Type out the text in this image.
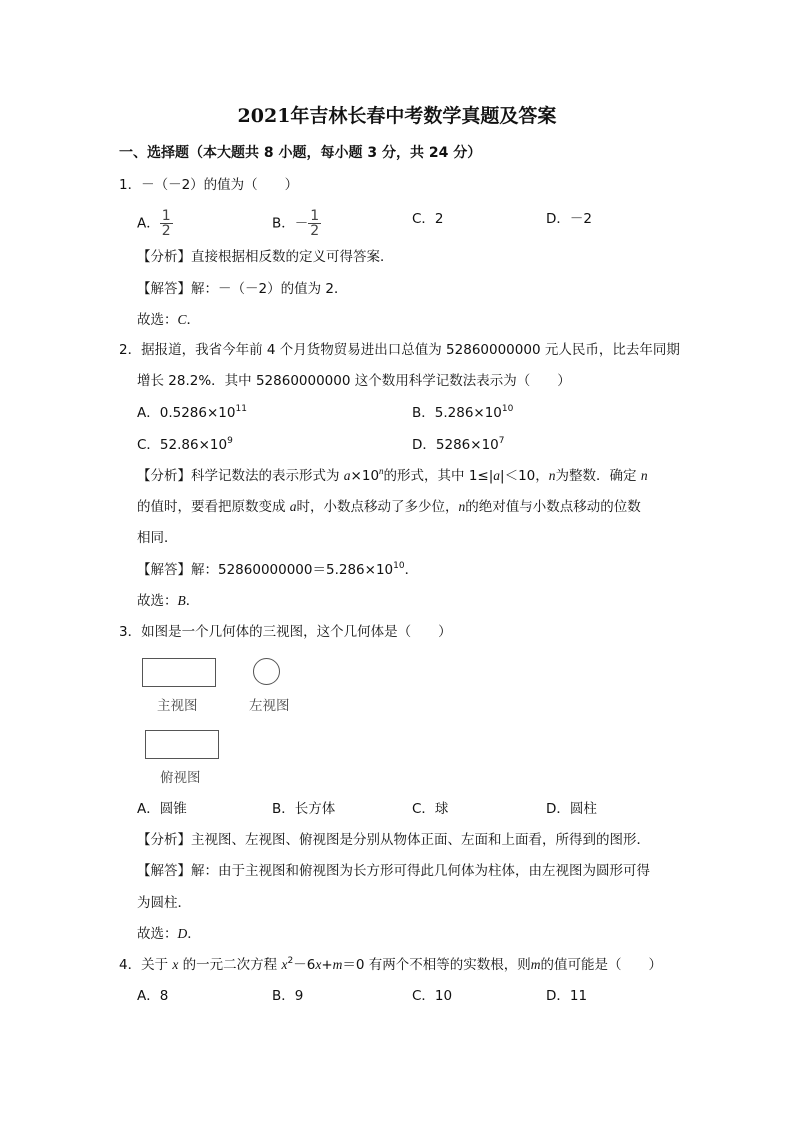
2021年吉林长春中考数学真题及答案
一、选择题（本大题共 8 小题，每小题 3 分，共 24 分）
1．－（－2）的值为（　　）
A． $\frac{1}{2}$	B．－ $\frac{1}{2}$	C．2	D．－2
【分析】直接根据相反数的定义可得答案．
【解答】解：－（－2）的值为 2．
故选：C．
2．据报道，我省今年前 4 个月货物贸易进出口总值为 52860000000 元人民币，比去年同期
增长 28.2%．其中 52860000000 这个数用科学记数法表示为（　　）
A．$0.5286\times 10^{11}$	B．$5.286\times 10^{10}$
C．$52.86\times 10^9$	D．$5286\times 10^7$
【分析】科学记数法的表示形式为 $a\times 10^n$的形式，其中 1≤|a|＜10，n为整数．确定 n
的值时，要看把原数变成 a时，小数点移动了多少位，n的绝对值与小数点移动的位数
相同．
【解答】解：$52860000000=5.286\times 10^{10}$．
故选：B．
3．如图是一个几何体的三视图，这个几何体是（　　）
主视图	左视图
俯视图
A．圆锥	B．长方体	C．球	D．圆柱
【分析】主视图、左视图、俯视图是分别从物体正面、左面和上面看，所得到的图形．
【解答】解：由于主视图和俯视图为长方形可得此几何体为柱体，由左视图为圆形可得
为圆柱．
故选：D．
4．关于 x 的一元二次方程 $x^2-6x+m=0$ 有两个不相等的实数根，则m的值可能是（　　）
A．8	B．9	C．10	D．11
